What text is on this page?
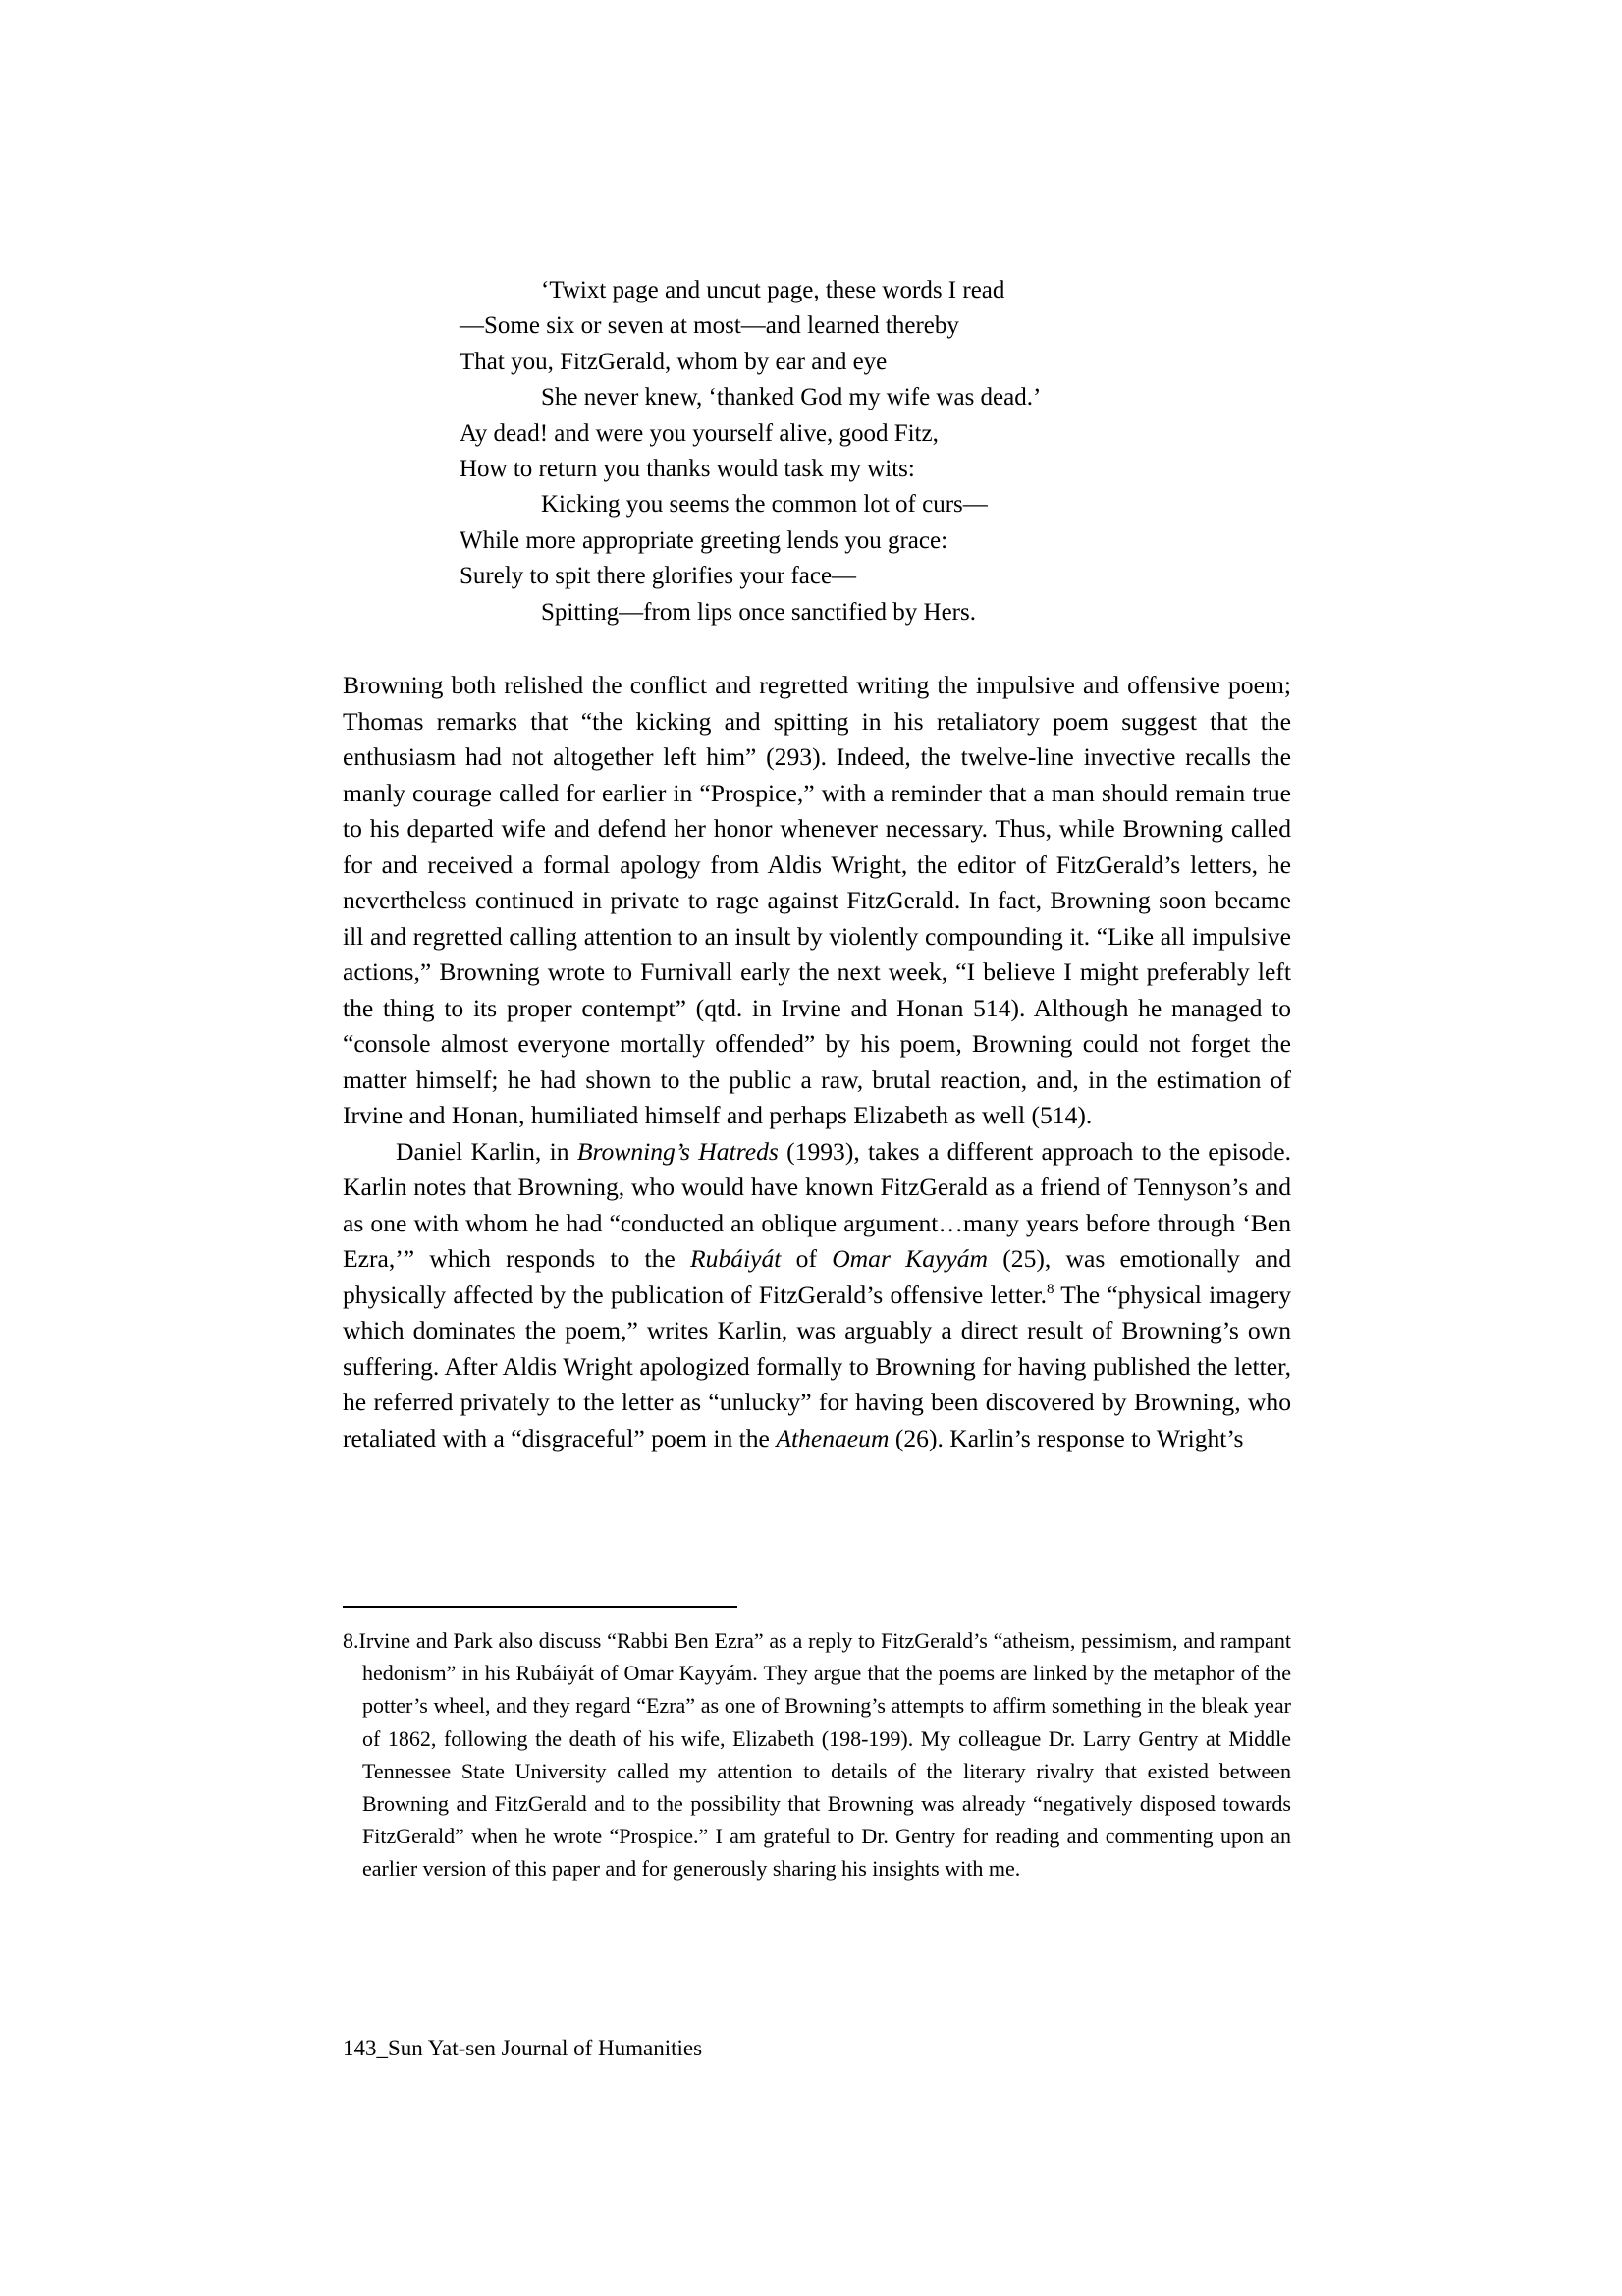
‘Twixt page and uncut page, these words I read
—Some six or seven at most—and learned thereby
That you, FitzGerald, whom by ear and eye
She never knew, ‘thanked God my wife was dead.’
Ay dead! and were you yourself alive, good Fitz,
How to return you thanks would task my wits:
Kicking you seems the common lot of curs—
While more appropriate greeting lends you grace:
Surely to spit there glorifies your face—
Spitting—from lips once sanctified by Hers.

Browning both relished the conflict and regretted writing the impulsive and offensive poem; Thomas remarks that “the kicking and spitting in his retaliatory poem suggest that the enthusiasm had not altogether left him” (293). Indeed, the twelve-line invective recalls the manly courage called for earlier in “Prospice,” with a reminder that a man should remain true to his departed wife and defend her honor whenever necessary. Thus, while Browning called for and received a formal apology from Aldis Wright, the editor of FitzGerald’s letters, he nevertheless continued in private to rage against FitzGerald. In fact, Browning soon became ill and regretted calling attention to an insult by violently compounding it. “Like all impulsive actions,” Browning wrote to Furnivall early the next week, “I believe I might preferably left the thing to its proper contempt” (qtd. in Irvine and Honan 514). Although he managed to “console almost everyone mortally offended” by his poem, Browning could not forget the matter himself; he had shown to the public a raw, brutal reaction, and, in the estimation of Irvine and Honan, humiliated himself and perhaps Elizabeth as well (514).

Daniel Karlin, in Browning’s Hatreds (1993), takes a different approach to the episode. Karlin notes that Browning, who would have known FitzGerald as a friend of Tennyson’s and as one with whom he had “conducted an oblique argument…many years before through ‘Ben Ezra,’” which responds to the Rubáiyát of Omar Kayyám (25), was emotionally and physically affected by the publication of FitzGerald’s offensive letter.$^8$ The “physical imagery which dominates the poem,” writes Karlin, was arguably a direct result of Browning’s own suffering. After Aldis Wright apologized formally to Browning for having published the letter, he referred privately to the letter as “unlucky” for having been discovered by Browning, who retaliated with a “disgraceful” poem in the Athenaeum (26). Karlin’s response to Wright’s

8.Irvine and Park also discuss “Rabbi Ben Ezra” as a reply to FitzGerald’s “atheism, pessimism, and rampant hedonism” in his Rubáiyát of Omar Kayyám. They argue that the poems are linked by the metaphor of the potter’s wheel, and they regard “Ezra” as one of Browning’s attempts to affirm something in the bleak year of 1862, following the death of his wife, Elizabeth (198-199). My colleague Dr. Larry Gentry at Middle Tennessee State University called my attention to details of the literary rivalry that existed between Browning and FitzGerald and to the possibility that Browning was already “negatively disposed towards FitzGerald” when he wrote “Prospice.” I am grateful to Dr. Gentry for reading and commenting upon an earlier version of this paper and for generously sharing his insights with me.
143_Sun Yat-sen Journal of Humanities
